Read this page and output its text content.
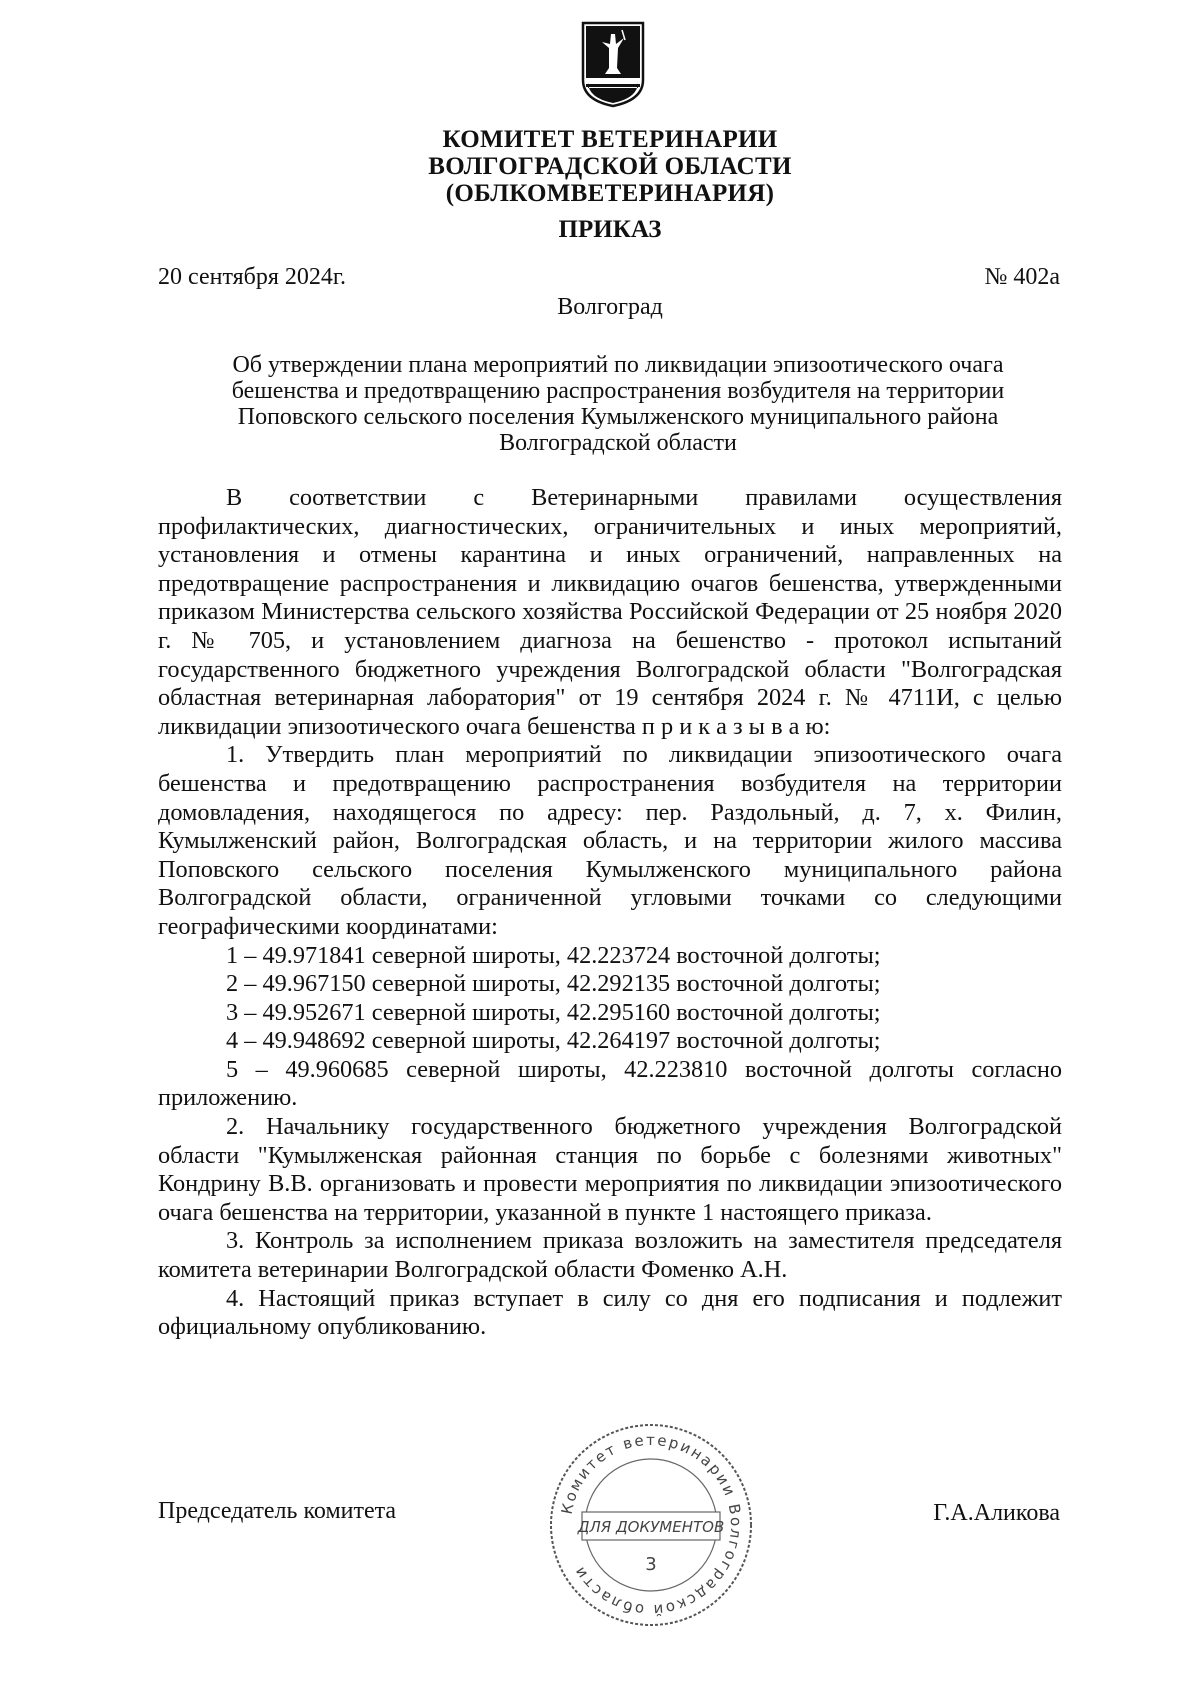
КОМИТЕТ ВЕТЕРИНАРИИ
ВОЛГОГРАДСКОЙ ОБЛАСТИ
(ОБЛКОМВЕТЕРИНАРИЯ)
ПРИКАЗ
20 сентября 2024г.	№ 402а
Волгоград
Об утверждении плана мероприятий по ликвидации эпизоотического очага
бешенства и предотвращению распространения возбудителя на территории
Поповского сельского поселения Кумылженского муниципального района
Волгоградской области

В соответствии с Ветеринарными правилами осуществления профилактических, диагностических, ограничительных и иных мероприятий, установления и отмены карантина и иных ограничений, направленных на предотвращение распространения и ликвидацию очагов бешенства, утвержденными приказом Министерства сельского хозяйства Российской Федерации от 25 ноября 2020 г. № 705, и установлением диагноза на бешенство - протокол испытаний государственного бюджетного учреждения Волгоградской области "Волгоградская областная ветеринарная лаборатория" от 19 сентября 2024 г. № 4711И, с целью ликвидации эпизоотического очага бешенства п р и к а з ы в а ю:

1. Утвердить план мероприятий по ликвидации эпизоотического очага бешенства и предотвращению распространения возбудителя на территории домовладения, находящегося по адресу: пер. Раздольный, д. 7, х. Филин, Кумылженский район, Волгоградская область, и на территории жилого массива Поповского сельского поселения Кумылженского муниципального района Волгоградской области, ограниченной угловыми точками со следующими географическими координатами:

1 – 49.971841 северной широты, 42.223724 восточной долготы;
2 – 49.967150 северной широты, 42.292135 восточной долготы;
3 – 49.952671 северной широты, 42.295160 восточной долготы;
4 – 49.948692 северной широты, 42.264197 восточной долготы;

5 – 49.960685 северной широты, 42.223810 восточной долготы согласно приложению.

2. Начальнику государственного бюджетного учреждения Волгоградской области "Кумылженская районная станция по борьбе с болезнями животных" Кондрину В.В. организовать и провести мероприятия по ликвидации эпизоотического очага бешенства на территории, указанной в пункте 1 настоящего приказа.

3. Контроль за исполнением приказа возложить на заместителя председателя комитета ветеринарии Волгоградской области Фоменко А.Н.

4. Настоящий приказ вступает в силу со дня его подписания и подлежит официальному опубликованию.

Председатель комитета	Г.А.Аликова
Комитет ветеринарии Волгоградской области
ДЛЯ ДОКУМЕНТОВ
3
